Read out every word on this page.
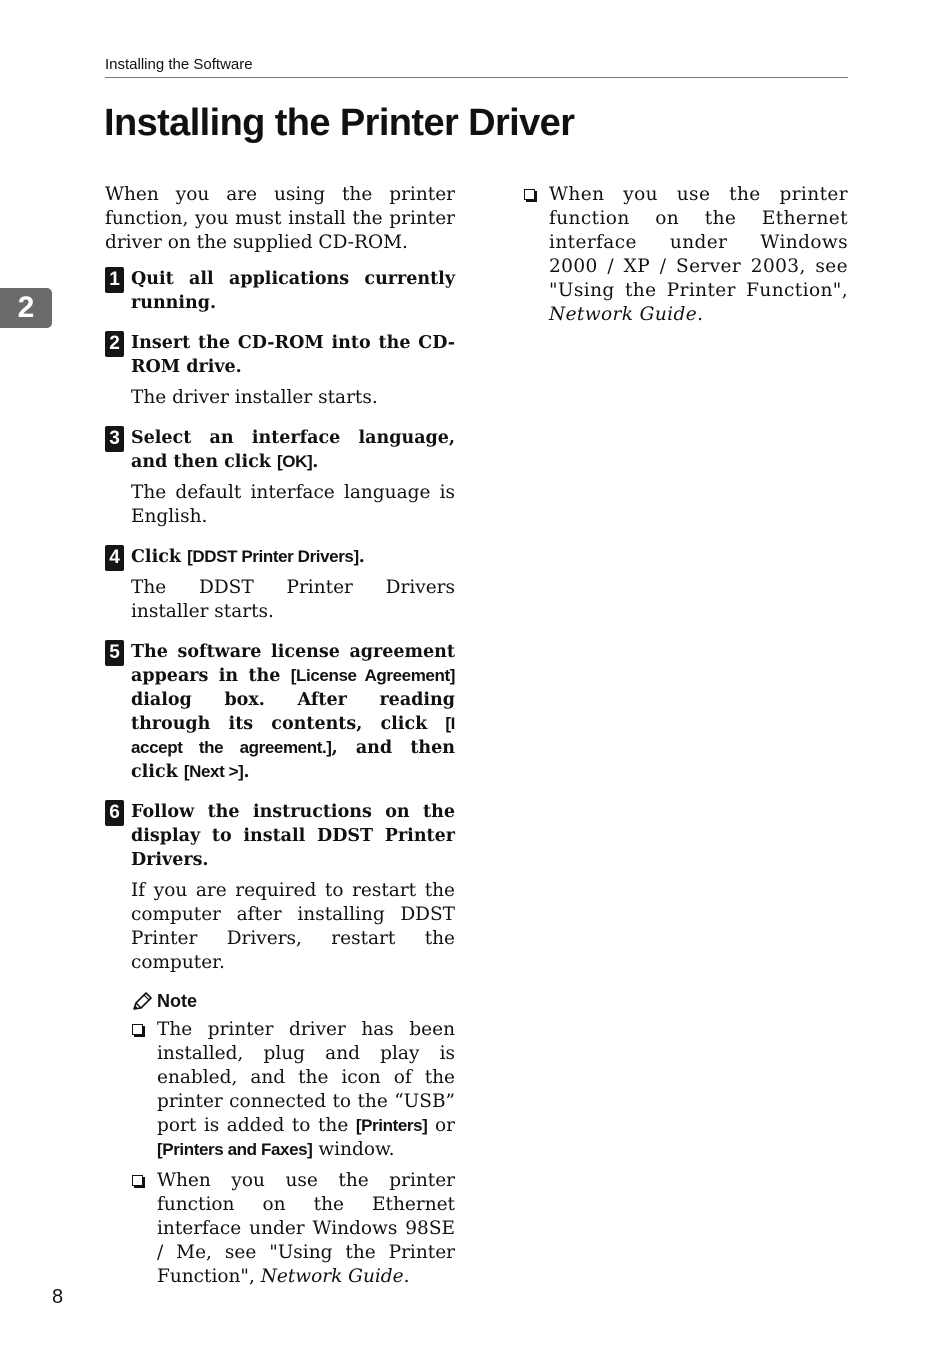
Installing the Software
Installing the Printer Driver
2

When you are using the printer function, you must install the printer driver on the supplied CD-ROM.

1 Quit all applications currently running.
2 Insert the CD-ROM into the CD-ROM drive.
The driver installer starts.
3 Select an interface language, and then click [OK].
The default interface language is English.
4 Click [DDST Printer Drivers].
The DDST Printer Drivers installer starts.
5 The software license agreement appears in the [License Agreement] dialog box. After reading through its contents, click [I accept the agreement.], and then click [Next >].
6 Follow the instructions on the display to install DDST Printer Drivers.
If you are required to restart the computer after installing DDST Printer Drivers, restart the computer.
Note
The printer driver has been installed, plug and play is enabled, and the icon of the printer connected to the “USB” port is added to the [Printers] or [Printers and Faxes] window.
When you use the printer function on the Ethernet interface under Windows 98SE / Me, see "Using the Printer Function", Network Guide.
When you use the printer function on the Ethernet interface under Windows 2000 / XP / Server 2003, see "Using the Printer Function", Network Guide.
8
